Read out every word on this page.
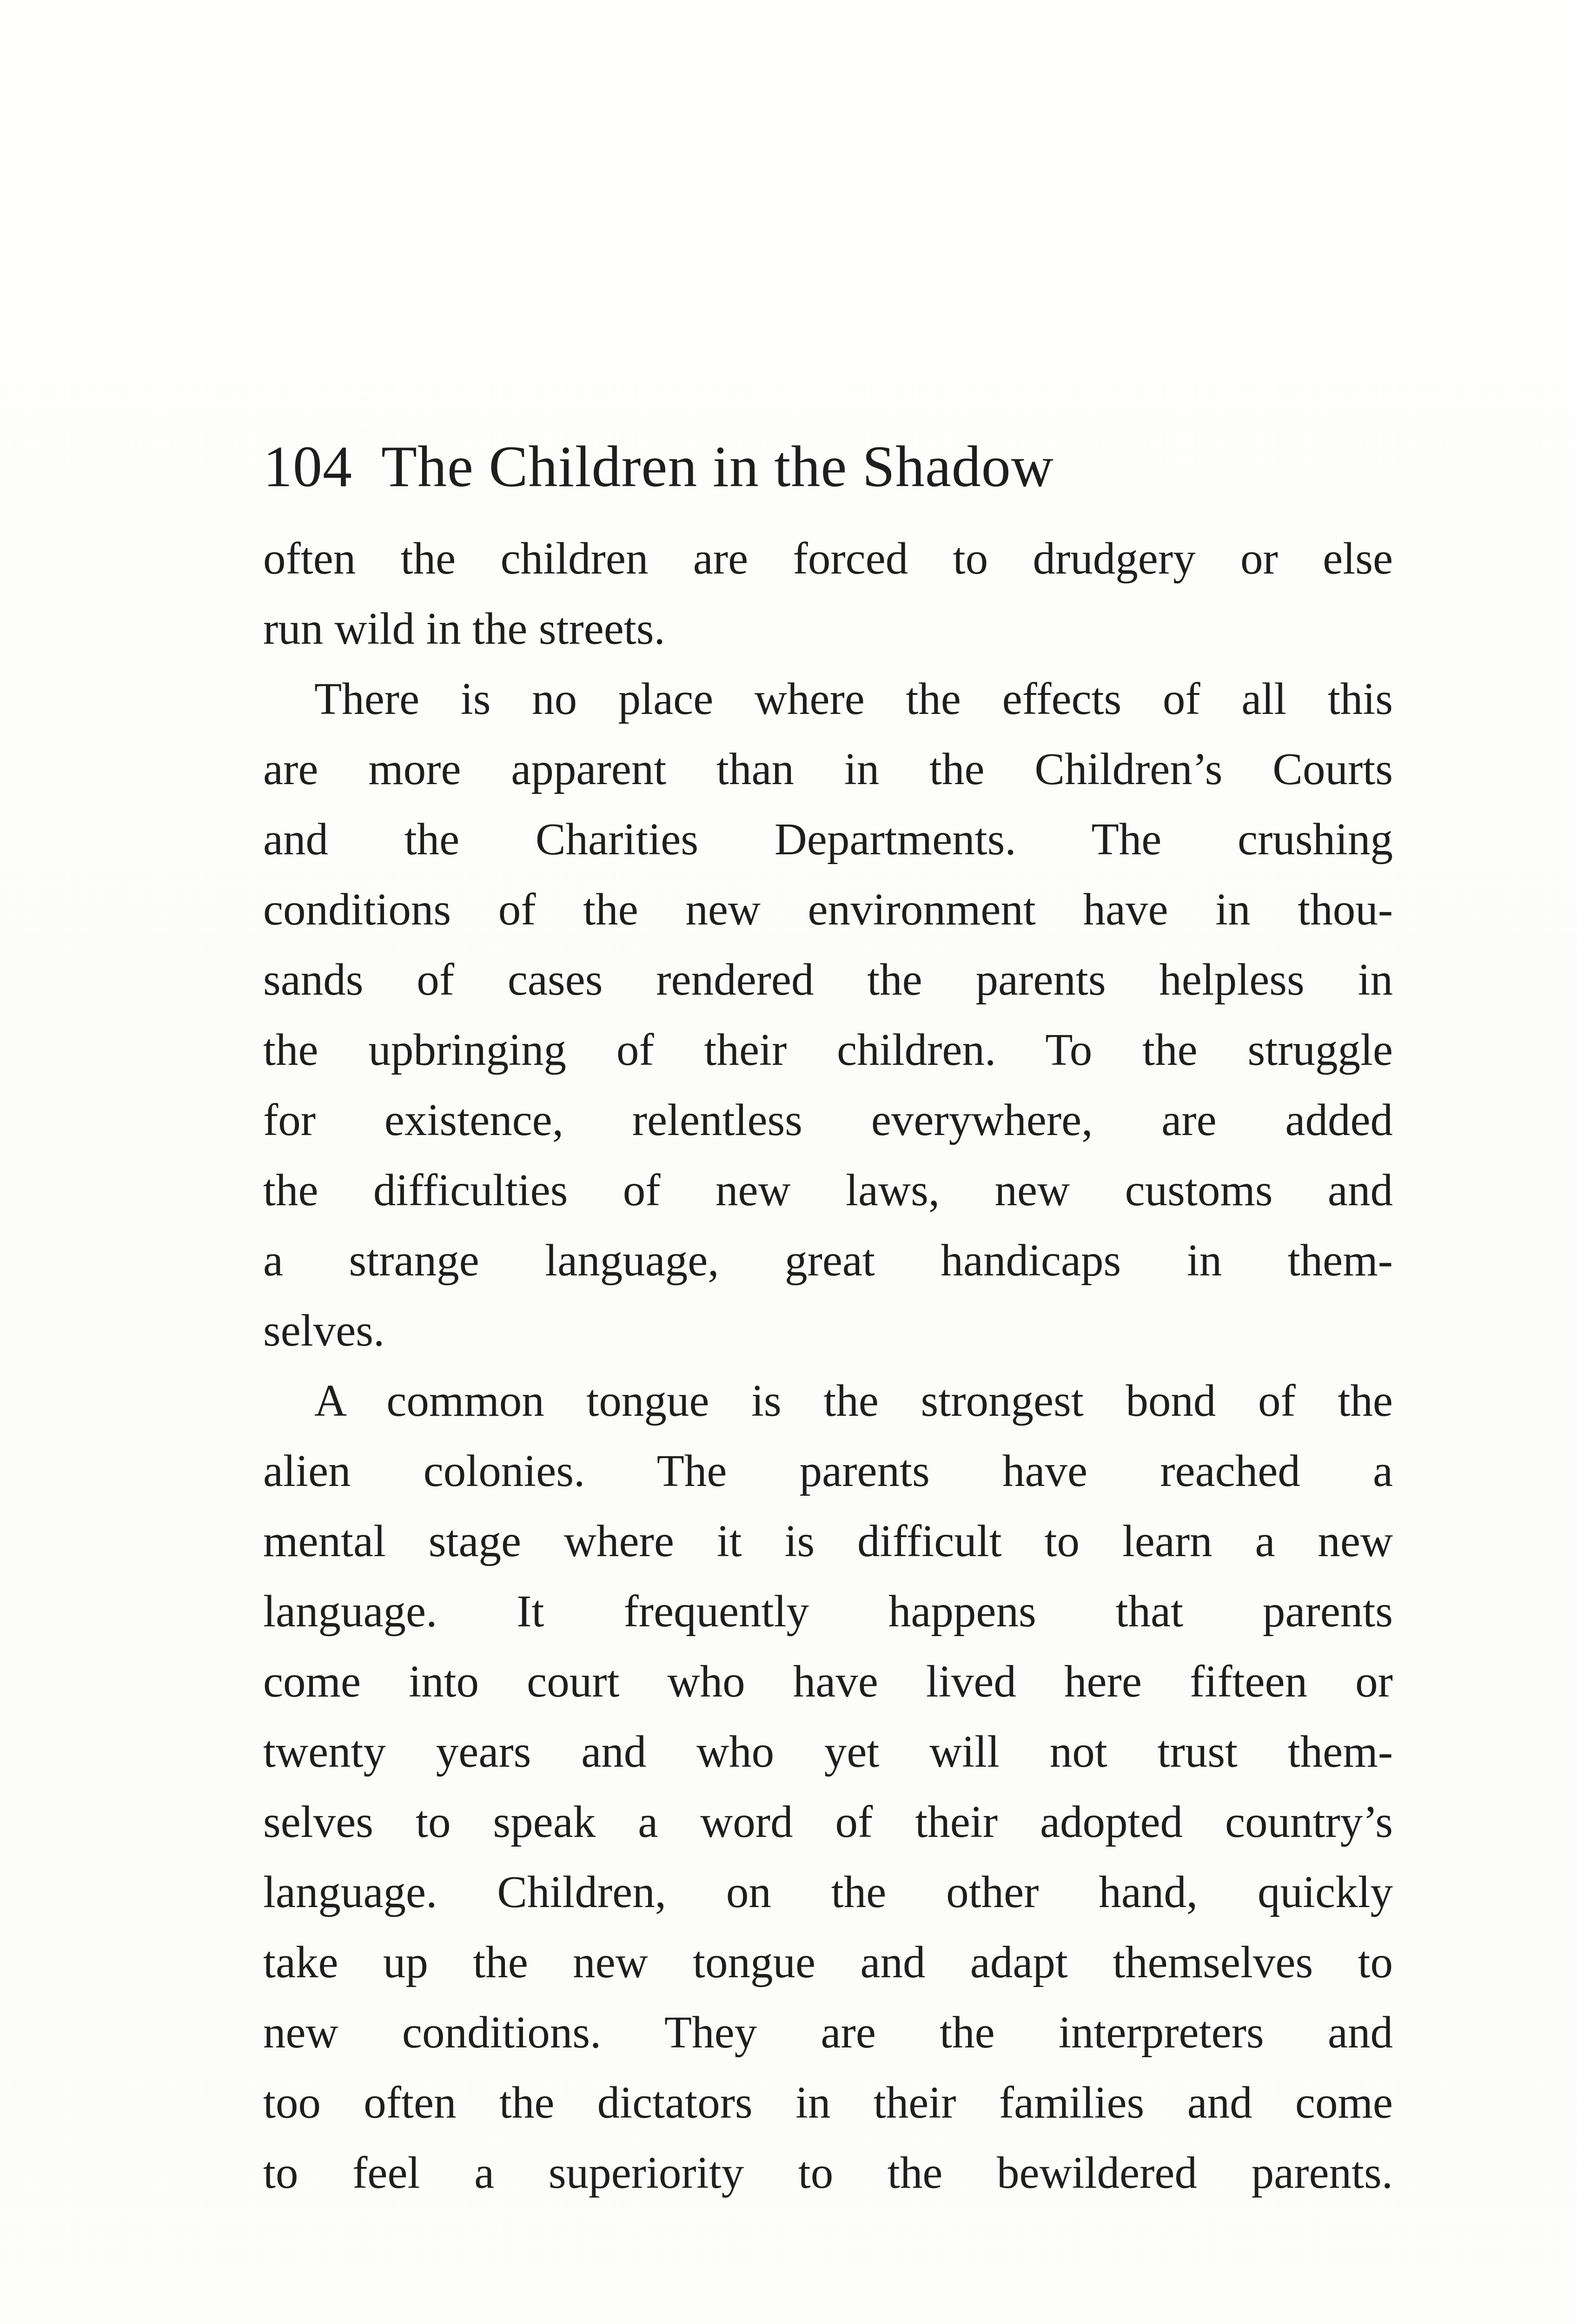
104 The Children in the Shadow
often the children are forced to drudgery or else
run wild in the streets.
There is no place where the effects of all this
are more apparent than in the Children’s Courts
and the Charities Departments. The crushing
conditions of the new environment have in thou-
sands of cases rendered the parents helpless in
the upbringing of their children. To the struggle
for existence, relentless everywhere, are added
the difficulties of new laws, new customs and
a strange language, great handicaps in them-
selves.
A common tongue is the strongest bond of the
alien colonies. The parents have reached a
mental stage where it is difficult to learn a new
language. It frequently happens that parents
come into court who have lived here fifteen or
twenty years and who yet will not trust them-
selves to speak a word of their adopted country’s
language. Children, on the other hand, quickly
take up the new tongue and adapt themselves to
new conditions. They are the interpreters and
too often the dictators in their families and come
to feel a superiority to the bewildered parents.
